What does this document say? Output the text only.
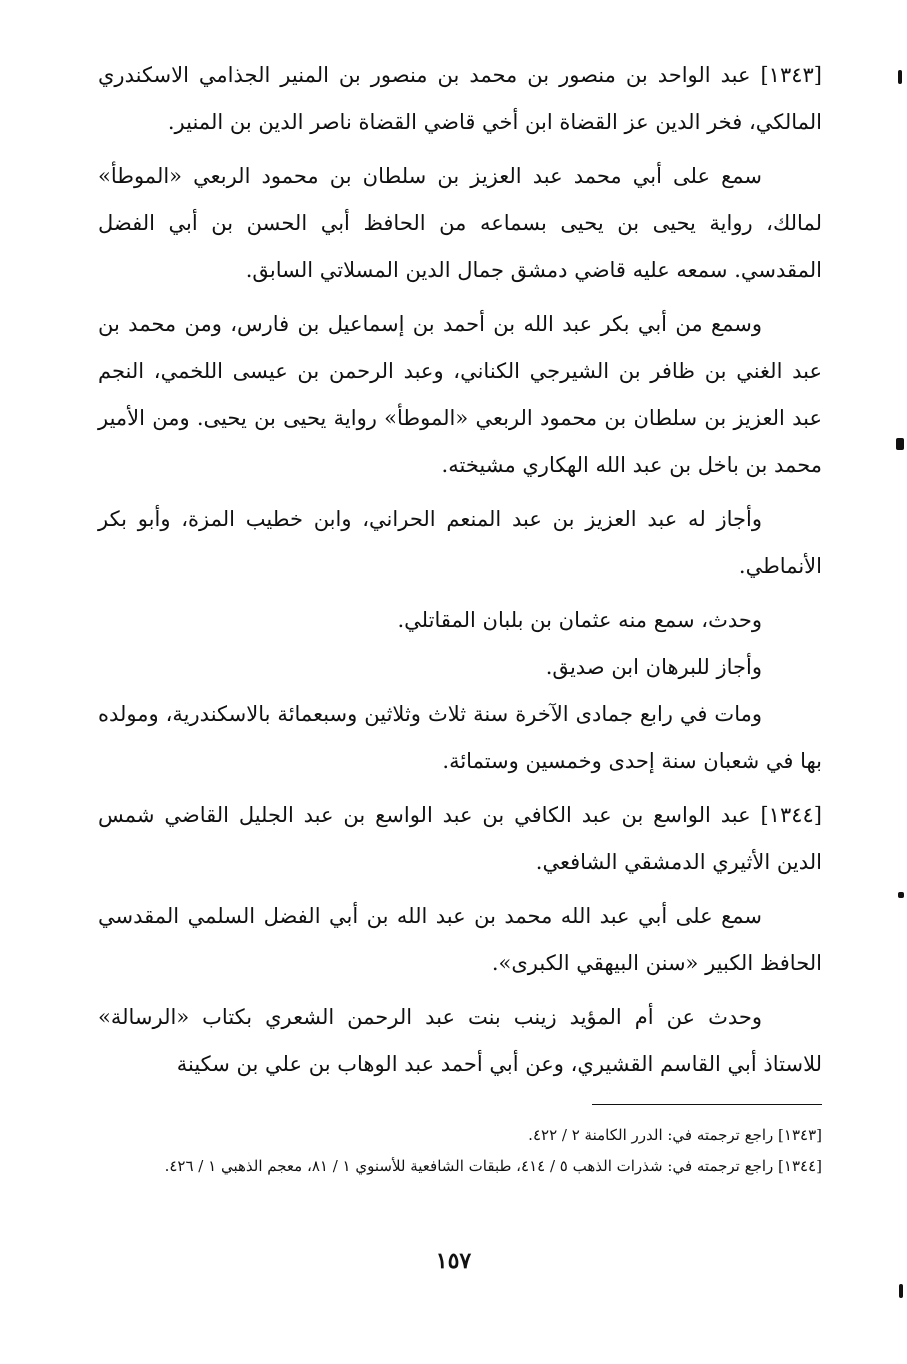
[١٣٤٣] عبد الواحد بن منصور بن محمد بن منصور بن المنير الجذامي الاسكندري المالكي، فخر الدين عز القضاة ابن أخي قاضي القضاة ناصر الدين بن المنير.

سمع على أبي محمد عبد العزيز بن سلطان بن محمود الربعي «الموطأ» لمالك، رواية يحيى بن يحيى بسماعه من الحافظ أبي الحسن بن أبي الفضل المقدسي. سمعه عليه قاضي دمشق جمال الدين المسلاتي السابق.

وسمع من أبي بكر عبد الله بن أحمد بن إسماعيل بن فارس، ومن محمد بن عبد الغني بن ظافر بن الشيرجي الكناني، وعبد الرحمن بن عيسى اللخمي، النجم عبد العزيز بن سلطان بن محمود الربعي «الموطأ» رواية يحيى بن يحيى. ومن الأمير محمد بن باخل بن عبد الله الهكاري مشيخته.

وأجاز له عبد العزيز بن عبد المنعم الحراني، وابن خطيب المزة، وأبو بكر الأنماطي.

وحدث، سمع منه عثمان بن بلبان المقاتلي.

وأجاز للبرهان ابن صديق.

ومات في رابع جمادى الآخرة سنة ثلاث وثلاثين وسبعمائة بالاسكندرية، ومولده بها في شعبان سنة إحدى وخمسين وستمائة.

[١٣٤٤] عبد الواسع بن عبد الكافي بن عبد الواسع بن عبد الجليل القاضي شمس الدين الأثيري الدمشقي الشافعي.

سمع على أبي عبد الله محمد بن عبد الله بن أبي الفضل السلمي المقدسي الحافظ الكبير «سنن البيهقي الكبرى».

وحدث عن أم المؤيد زينب بنت عبد الرحمن الشعري بكتاب «الرسالة» للاستاذ أبي القاسم القشيري، وعن أبي أحمد عبد الوهاب بن علي بن سكينة

[١٣٤٣] راجع ترجمته في: الدرر الكامنة ٢ / ٤٢٢.

[١٣٤٤] راجع ترجمته في: شذرات الذهب ٥ / ٤١٤، طبقات الشافعية للأسنوي ١ / ٨١، معجم الذهبي ١ / ٤٢٦.

١٥٧
